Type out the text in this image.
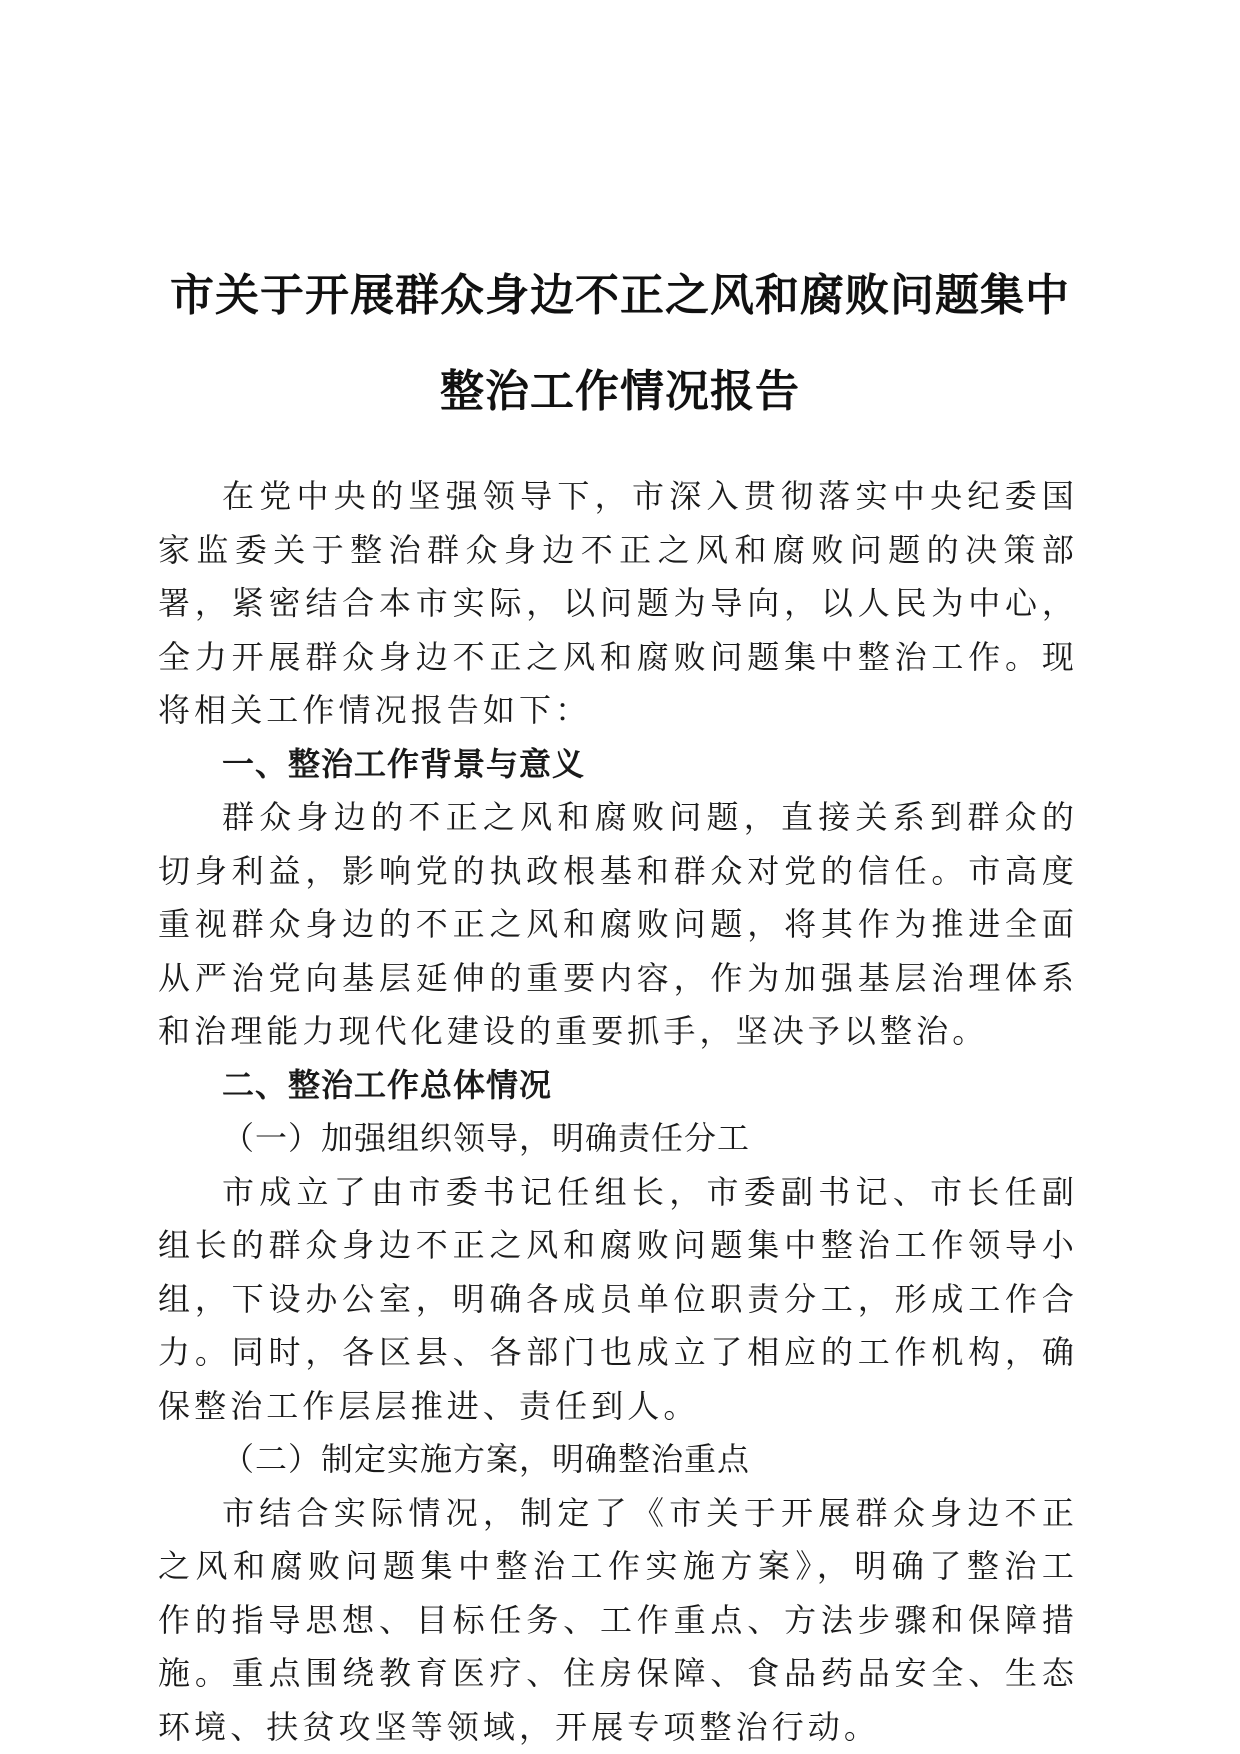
市关于开展群众身边不正之风和腐败问题集中
整治工作情况报告

在党中央的坚强领导下，市深入贯彻落实中央纪委国家监委关于整治群众身边不正之风和腐败问题的决策部署，紧密结合本市实际，以问题为导向，以人民为中心，全力开展群众身边不正之风和腐败问题集中整治工作。现将相关工作情况报告如下：

一、整治工作背景与意义

群众身边的不正之风和腐败问题，直接关系到群众的切身利益，影响党的执政根基和群众对党的信任。市高度重视群众身边的不正之风和腐败问题，将其作为推进全面从严治党向基层延伸的重要内容，作为加强基层治理体系和治理能力现代化建设的重要抓手，坚决予以整治。

二、整治工作总体情况

（一）加强组织领导，明确责任分工

市成立了由市委书记任组长，市委副书记、市长任副组长的群众身边不正之风和腐败问题集中整治工作领导小组，下设办公室，明确各成员单位职责分工，形成工作合力。同时，各区县、各部门也成立了相应的工作机构，确保整治工作层层推进、责任到人。

（二）制定实施方案，明确整治重点

市结合实际情况，制定了《市关于开展群众身边不正之风和腐败问题集中整治工作实施方案》，明确了整治工作的指导思想、目标任务、工作重点、方法步骤和保障措施。重点围绕教育医疗、住房保障、食品药品安全、生态环境、扶贫攻坚等领域，开展专项整治行动。
